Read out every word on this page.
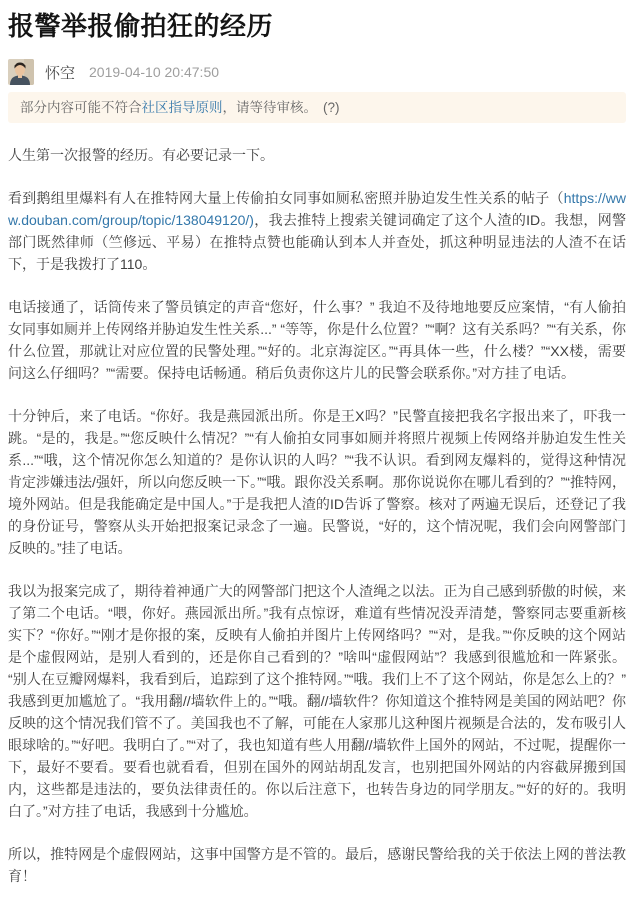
报警举报偷拍狂的经历
怀空 2019-04-10 20:47:50
部分内容可能不符合社区指导原则，请等待审核。 (?)

人生第一次报警的经历。有必要记录一下。

看到鹅组里爆料有人在推特网大量上传偷拍女同事如厕私密照并胁迫发生性关系的帖子（https://www.douban.com/group/topic/138049120/)，我去推特上搜索关键词确定了这个人渣的ID。我想，网警部门既然律师（竺修远、平易）在推特点赞也能确认到本人并查处，抓这种明显违法的人渣不在话下，于是我拨打了110。

电话接通了，话筒传来了警员镇定的声音“您好，什么事？” 我迫不及待地地要反应案情，“有人偷拍女同事如厕并上传网络并胁迫发生性关系...” “等等，你是什么位置？”“啊？这有关系吗？”“有关系，你什么位置，那就让对应位置的民警处理。”“好的。北京海淀区。”“再具体一些，什么楼？”“XX楼，需要问这么仔细吗？”“需要。保持电话畅通。稍后负责你这片儿的民警会联系你。”对方挂了电话。

十分钟后，来了电话。“你好。我是燕园派出所。你是王X吗？”民警直接把我名字报出来了，吓我一跳。“是的，我是。”“您反映什么情况？”“有人偷拍女同事如厕并将照片视频上传网络并胁迫发生性关系...”“哦，这个情况你怎么知道的？是你认识的人吗？”“我不认识。看到网友爆料的，觉得这种情况肯定涉嫌违法/强奸，所以向您反映一下。”“哦。跟你没关系啊。那你说说你在哪儿看到的？”“推特网，境外网站。但是我能确定是中国人。”于是我把人渣的ID告诉了警察。核对了两遍无误后，还登记了我的身份证号，警察从头开始把报案记录念了一遍。民警说，“好的，这个情况呢，我们会向网警部门反映的。”挂了电话。

我以为报案完成了，期待着神通广大的网警部门把这个人渣绳之以法。正为自己感到骄傲的时候，来了第二个电话。“喂，你好。燕园派出所。”我有点惊讶，难道有些情况没弄清楚，警察同志要重新核实下？“你好。”“刚才是你报的案，反映有人偷拍并图片上传网络吗？”“对，是我。”“你反映的这个网站是个虚假网站，是别人看到的，还是你自己看到的？”啥叫“虚假网站”？我感到很尴尬和一阵紧张。“别人在豆瓣网爆料，我看到后，追踪到了这个推特网。”“哦。我们上不了这个网站，你是怎么上的？”我感到更加尴尬了。“我用翻//墙软件上的。”“哦。翻//墙软件？你知道这个推特网是美国的网站吧？你反映的这个情况我们管不了。美国我也不了解，可能在人家那儿这种图片视频是合法的，发布吸引人眼球啥的。”“好吧。我明白了。”“对了，我也知道有些人用翻//墙软件上国外的网站，不过呢，提醒你一下，最好不要看。要看也就看看，但别在国外的网站胡乱发言，也别把国外网站的内容截屏搬到国内，这些都是违法的，要负法律责任的。你以后注意下，也转告身边的同学朋友。”“好的好的。我明白了。”对方挂了电话，我感到十分尴尬。

所以，推特网是个虚假网站，这事中国警方是不管的。最后，感谢民警给我的关于依法上网的普法教育！
